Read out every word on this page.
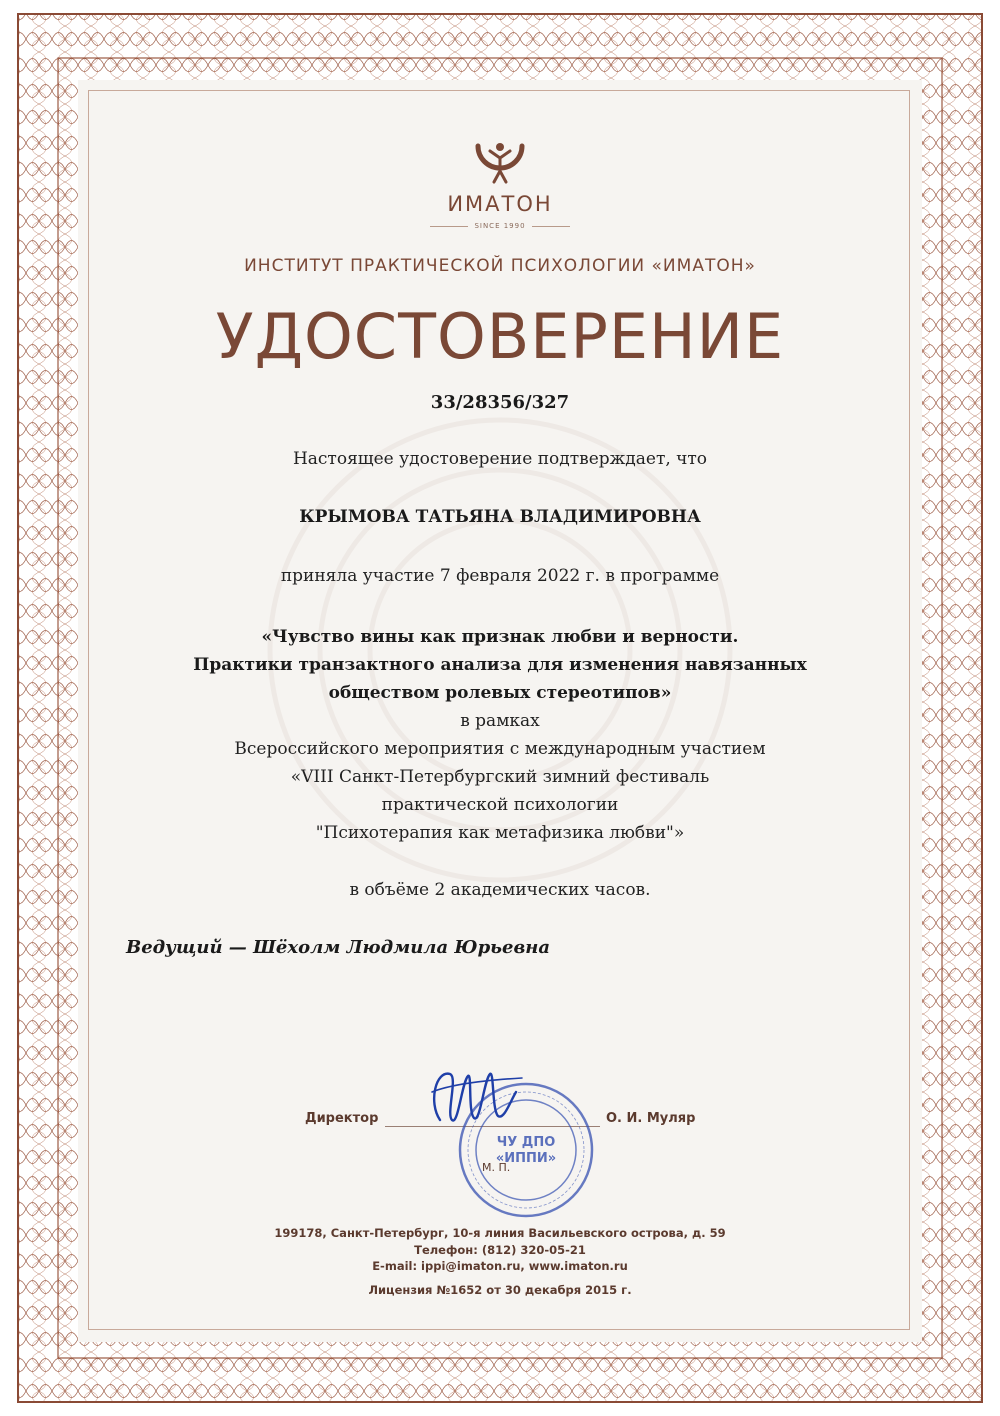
ИМАТОН
SINCE 1990
ИНСТИТУТ ПРАКТИЧЕСКОЙ ПСИХОЛОГИИ «ИМАТОН»
УДОСТОВЕРЕНИЕ
33/28356/327
Настоящее удостоверение подтверждает, что
КРЫМОВА ТАТЬЯНА ВЛАДИМИРОВНА
приняла участие 7 февраля 2022 г. в программе
«Чувство вины как признак любви и верности.
Практики транзактного анализа для изменения навязанных
обществом ролевых стереотипов»
в рамках
Всероссийского мероприятия с международным участием
«VIII Санкт-Петербургский зимний фестиваль
практической психологии
"Психотерапия как метафизика любви"»
в объёме 2 академических часов.
Ведущий — Шёхолм Людмила Юрьевна
Директор	О. И. Муляр
ЧУ ДПО
«ИППИ»
М. П.
199178, Санкт-Петербург, 10-я линия Васильевского острова, д. 59
Телефон: (812) 320-05-21
E-mail: ippi@imaton.ru, www.imaton.ru
Лицензия №1652 от 30 декабря 2015 г.
